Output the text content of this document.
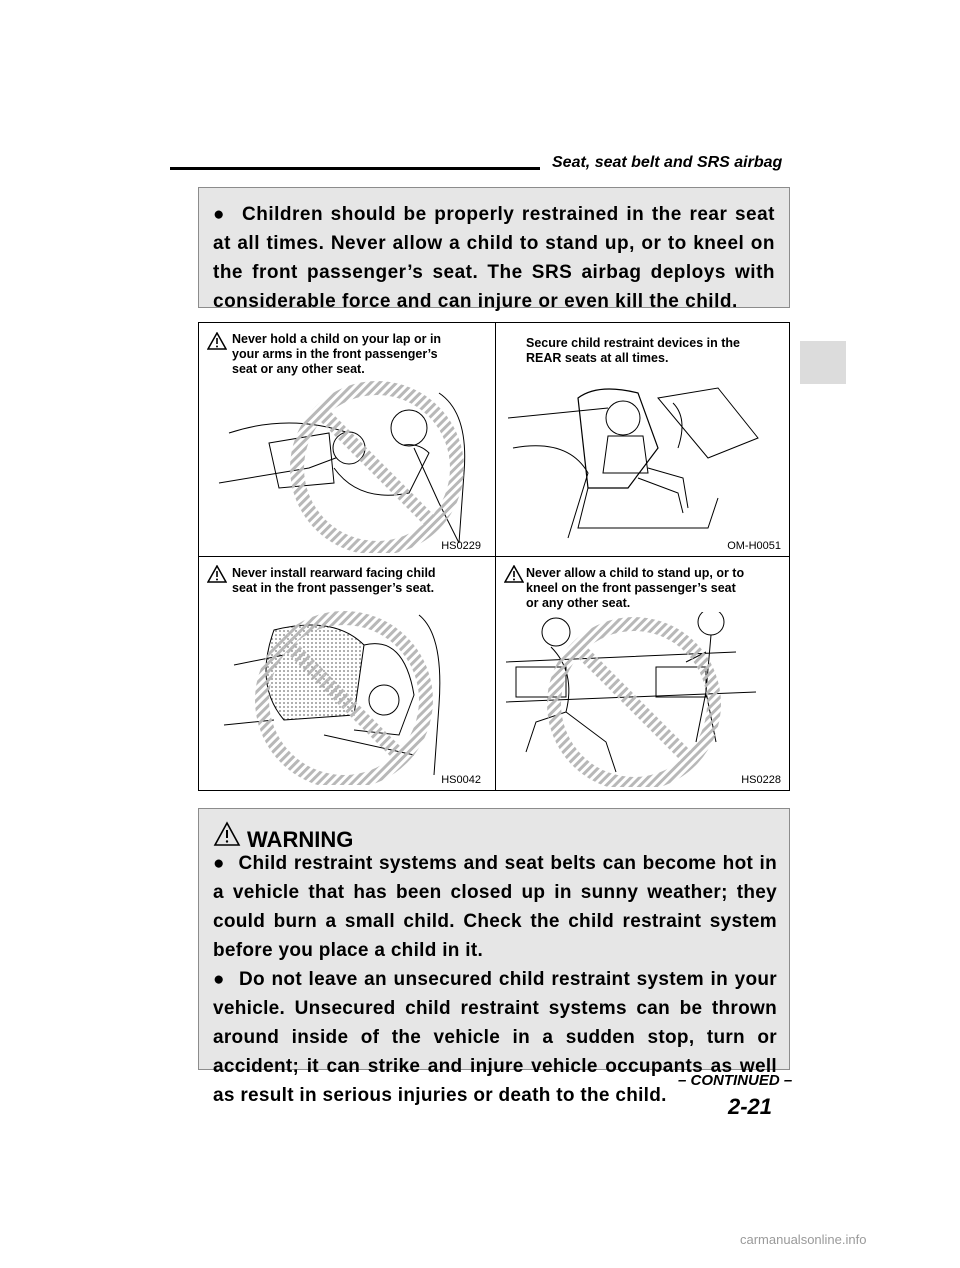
Seat, seat belt and SRS airbag

● Children should be properly restrained in the rear seat at all times. Never allow a child to stand up, or to kneel on the front passenger’s seat. The SRS airbag deploys with considerable force and can injure or even kill the child.

Never hold a child on your lap or in
your arms in the front passenger’s
seat or any other seat.
HS0229
Secure child restraint devices in the
REAR seats at all times.
OM-H0051
Never install rearward facing child
seat in the front passenger’s seat.
HS0042
Never allow a child to stand up, or to
kneel on the front passenger’s seat
or any other seat.
HS0228
WARNING

● Child restraint systems and seat belts can become hot in a vehicle that has been closed up in sunny weather; they could burn a small child. Check the child restraint system before you place a child in it.

● Do not leave an unsecured child restraint system in your vehicle. Unsecured child restraint systems can be thrown around inside of the vehicle in a sudden stop, turn or accident; it can strike and injure vehicle occupants as well as result in serious injuries or death to the child.

– CONTINUED –
2-21
carmanualsonline.info
